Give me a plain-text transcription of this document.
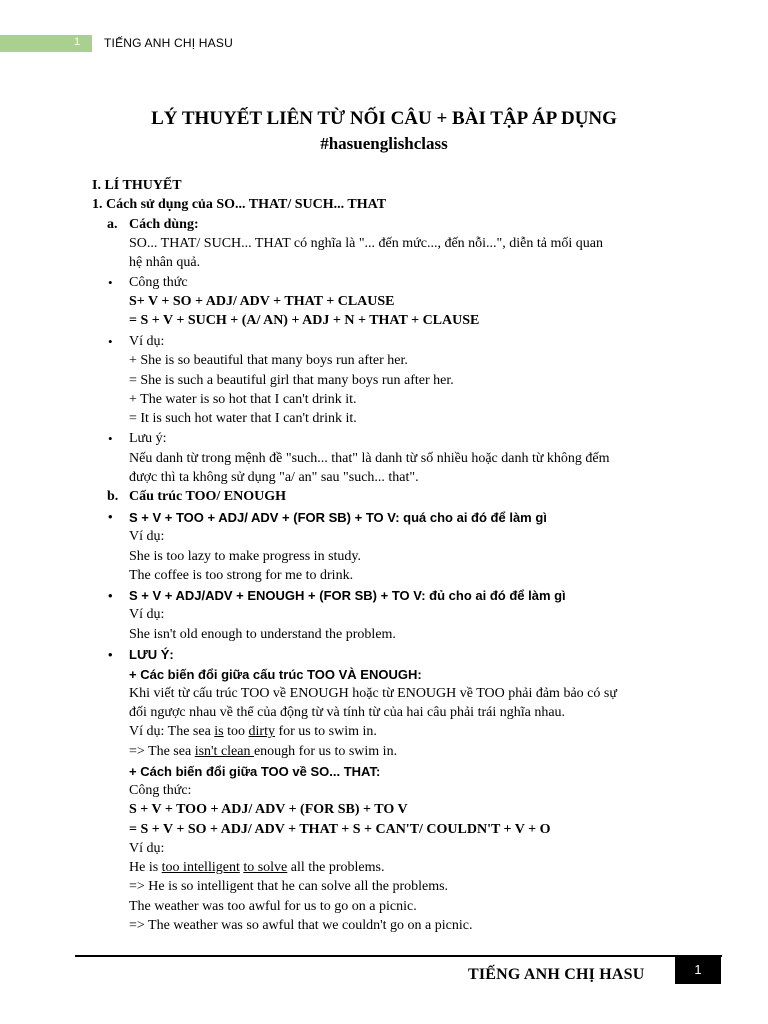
1 TIẾNG ANH CHỊ HASU
LÝ THUYẾT LIÊN TỪ NỐI CÂU + BÀI TẬP ÁP DỤNG
#hasuenglishclass
I. LÍ THUYẾT
1. Cách sử dụng của SO... THAT/ SUCH... THAT
a. Cách dùng:
SO... THAT/ SUCH... THAT có nghĩa là "... đến mức..., đến nỗi...", diễn tả mối quan
hệ nhân quả.
• Công thức
S+ V + SO + ADJ/ ADV + THAT + CLAUSE
= S + V + SUCH + (A/ AN) + ADJ + N + THAT + CLAUSE
• Ví dụ:
+ She is so beautiful that many boys run after her.
= She is such a beautiful girl that many boys run after her.
+ The water is so hot that I can't drink it.
= It is such hot water that I can't drink it.
• Lưu ý:
Nếu danh từ trong mệnh đề "such... that" là danh từ số nhiều hoặc danh từ không đếm
được thì ta không sử dụng "a/ an" sau "such... that".
b. Cấu trúc TOO/ ENOUGH
• S + V + TOO + ADJ/ ADV + (FOR SB) + TO V: quá cho ai đó để làm gì
Ví dụ:
She is too lazy to make progress in study.
The coffee is too strong for me to drink.
• S + V + ADJ/ADV + ENOUGH + (FOR SB) + TO V: đủ cho ai đó để làm gì
Ví dụ:
She isn't old enough to understand the problem.
• LƯU Ý:
+ Các biến đổi giữa cấu trúc TOO VÀ ENOUGH:
Khi viết từ cấu trúc TOO về ENOUGH hoặc từ ENOUGH về TOO phải đảm bảo có sự
đối ngược nhau về thể của động từ và tính từ của hai câu phải trái nghĩa nhau.
Ví dụ: The sea is too dirty for us to swim in.
=> The sea isn't clean enough for us to swim in.
+ Cách biến đổi giữa TOO về SO... THAT:
Công thức:
S + V + TOO + ADJ/ ADV + (FOR SB) + TO V
= S + V + SO + ADJ/ ADV + THAT + S + CAN'T/ COULDN'T + V + O
Ví dụ:
He is too intelligent to solve all the problems.
=> He is so intelligent that he can solve all the problems.
The weather was too awful for us to go on a picnic.
=> The weather was so awful that we couldn't go on a picnic.
TIẾNG ANH CHỊ HASU	1
